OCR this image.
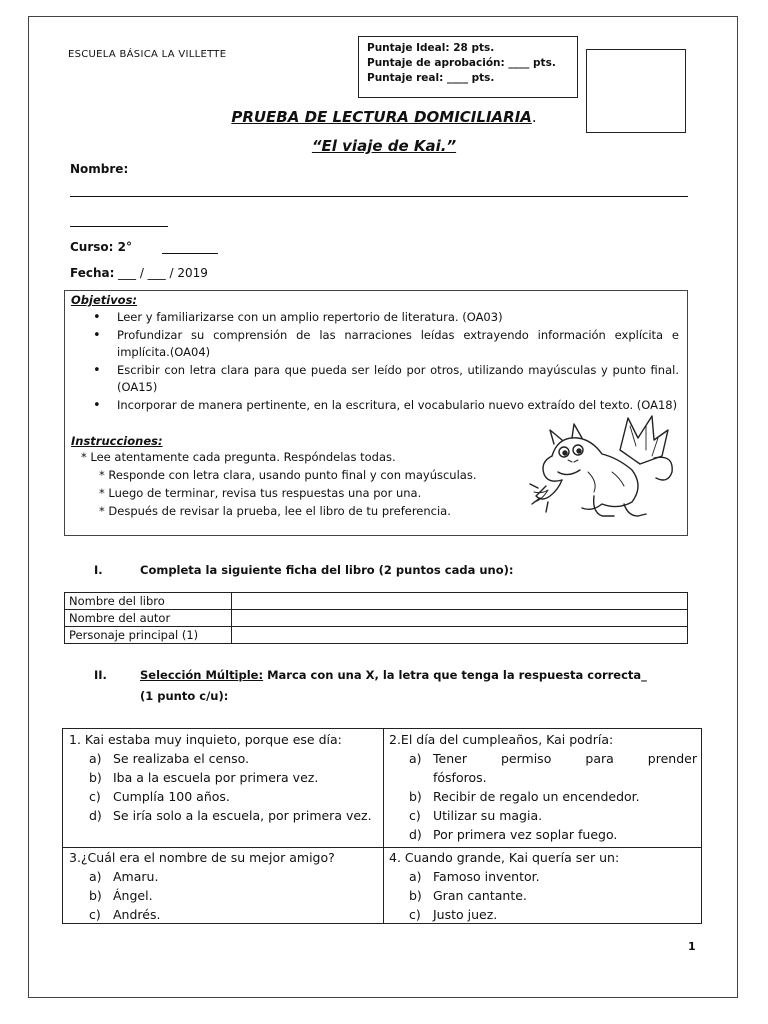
ESCUELA BÁSICA LA VILLETTE
Puntaje Ideal: 28 pts.
Puntaje de aprobación: ____ pts.
Puntaje real: ____ pts.
PRUEBA DE LECTURA DOMICILIARIA.
“El viaje de Kai.”
Nombre:
Curso: 2°
Fecha: ___ / ___ / 2019
Objetivos:
• Leer y familiarizarse con un amplio repertorio de literatura. (OA03)
• Profundizar su comprensión de las narraciones leídas extrayendo información explícita e implícita.(OA04)
• Escribir con letra clara para que pueda ser leído por otros, utilizando mayúsculas y punto final.(OA15)
• Incorporar de manera pertinente, en la escritura, el vocabulario nuevo extraído del texto. (OA18)
Instrucciones:
* Lee atentamente cada pregunta. Respóndelas todas.
* Responde con letra clara, usando punto final y con mayúsculas.
* Luego de terminar, revisa tus respuestas una por una.
* Después de revisar la prueba, lee el libro de tu preferencia.
I.	Completa la siguiente ficha del libro (2 puntos cada uno):
Nombre del libro	
Nombre del autor	
Personaje principal (1)	
II.	Selección Múltiple: Marca con una X, la letra que tenga la respuesta correcta_
(1 punto c/u):
1. Kai estaba muy inquieto, porque ese día:
a) Se realizaba el censo.
b) Iba a la escuela por primera vez.
c) Cumplía 100 años.
d) Se iría solo a la escuela, por primera vez.
2.El día del cumpleaños, Kai podría:
a) Tener permiso para prender fósforos.
b) Recibir de regalo un encendedor.
c) Utilizar su magia.
d) Por primera vez soplar fuego.
3.¿Cuál era el nombre de su mejor amigo?
a) Amaru.
b) Ángel.
c) Andrés.
4. Cuando grande, Kai quería ser un:
a) Famoso inventor.
b) Gran cantante.
c) Justo juez.
1
